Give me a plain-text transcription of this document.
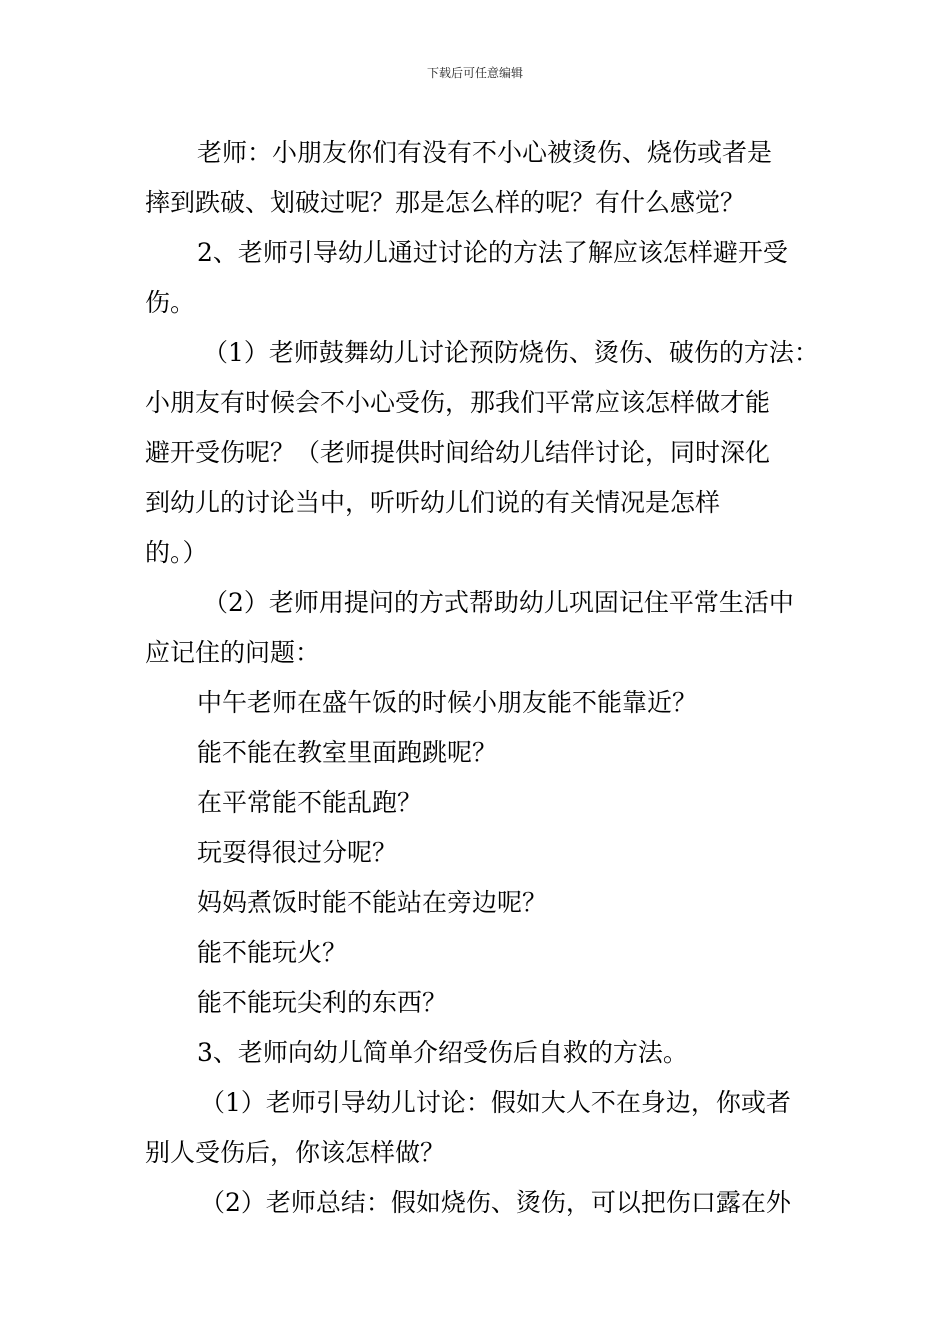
下载后可任意编辑

老师：小朋友你们有没有不小心被烫伤、烧伤或者是

摔到跌破、划破过呢？那是怎么样的呢？有什么感觉？

2、老师引导幼儿通过讨论的方法了解应该怎样避开受

伤。

（1）老师鼓舞幼儿讨论预防烧伤、烫伤、破伤的方法：

小朋友有时候会不小心受伤，那我们平常应该怎样做才能

避开受伤呢？（老师提供时间给幼儿结伴讨论，同时深化

到幼儿的讨论当中，听听幼儿们说的有关情况是怎样

的。）

（2）老师用提问的方式帮助幼儿巩固记住平常生活中

应记住的问题：

中午老师在盛午饭的时候小朋友能不能靠近？

能不能在教室里面跑跳呢？

在平常能不能乱跑？

玩耍得很过分呢？

妈妈煮饭时能不能站在旁边呢？

能不能玩火？

能不能玩尖利的东西？

3、老师向幼儿简单介绍受伤后自救的方法。

（1）老师引导幼儿讨论：假如大人不在身边，你或者

别人受伤后，你该怎样做？

（2）老师总结：假如烧伤、烫伤，可以把伤口露在外
